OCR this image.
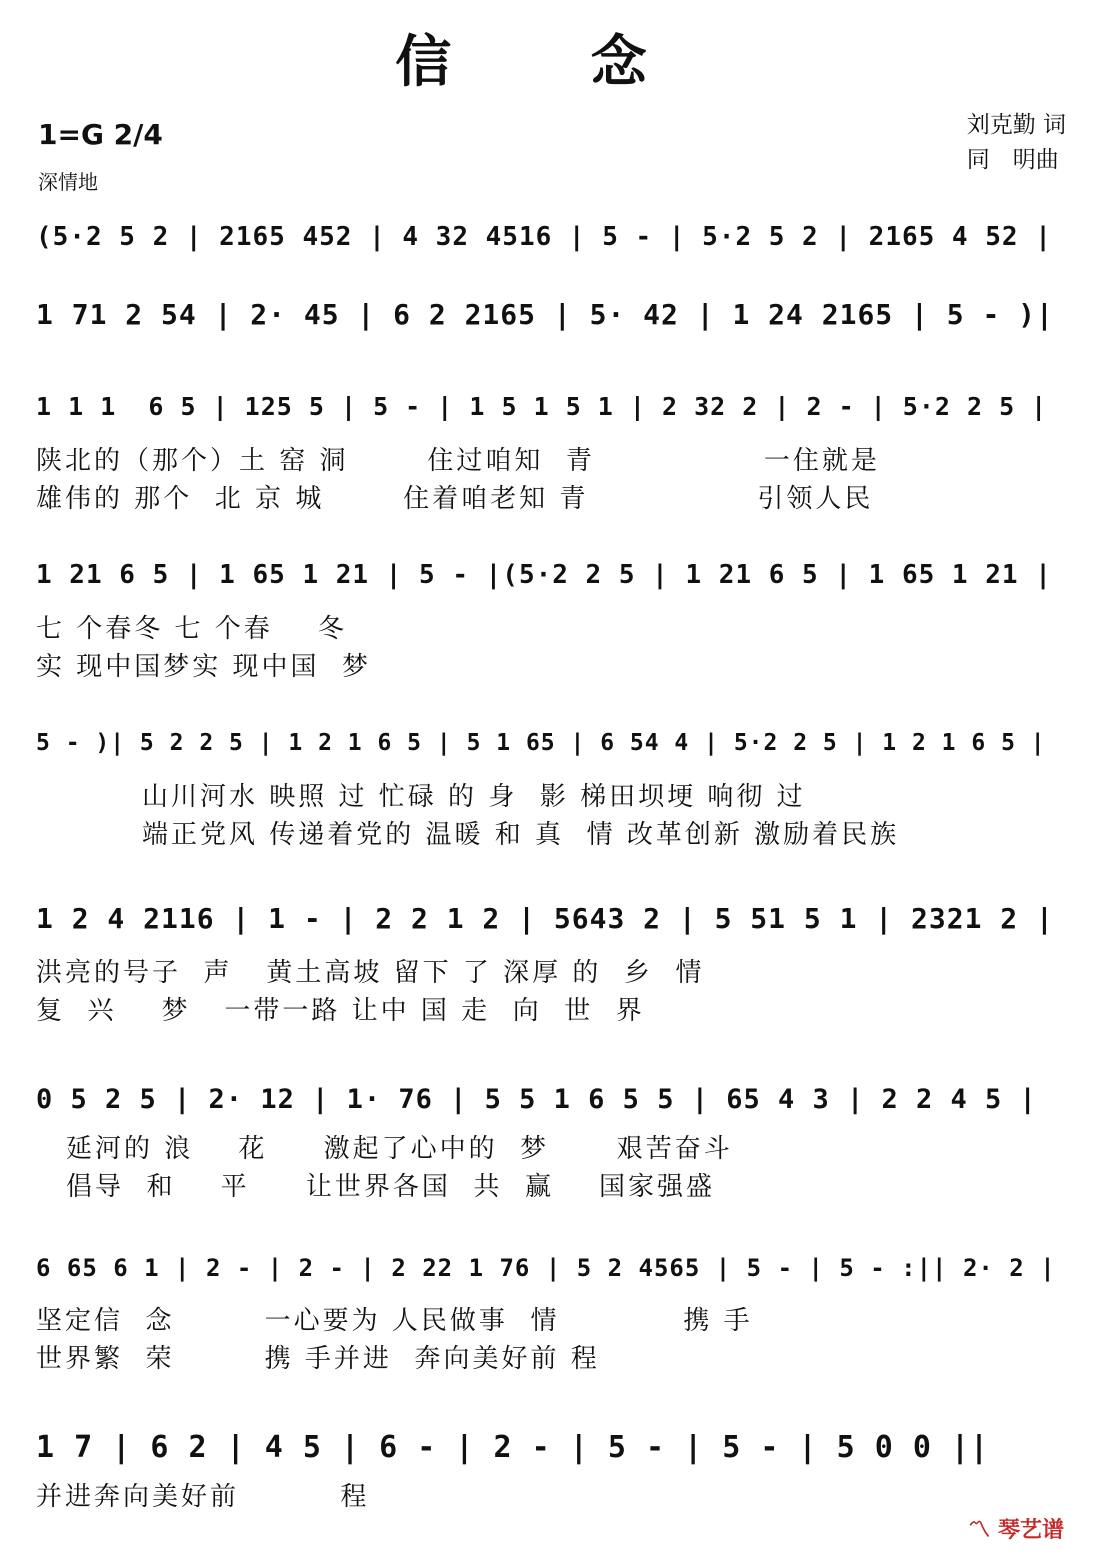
信 念
1=G 2/4
深情地
刘克勤 词
同　明曲
(5·2 5 2 | 2165 452 | 4 32 4516 | 5 - | 5·2 5 2 | 2165 4 52 |
1 71 2 54 | 2· 45 | 6 2 2165 | 5· 42 | 1 24 2165 | 5 - )|
1 1 1  6 5 | 125 5 | 5 - | 1 5 1 5 1 | 2 32 2 | 2 - | 5·2 2 5 |
陕北的（那个）土 窑 洞       住过咱知  青               一住就是
雄伟的 那个  北 京 城       住着咱老知 青               引领人民
1 21 6 5 | 1 65 1 21 | 5 - |(5·2 2 5 | 1 21 6 5 | 1 65 1 21 |
七 个春冬 七 个春    冬
实 现中国梦实 现中国  梦
5 - )| 5 2 2 5 | 1 2 1 6 5 | 5 1 65 | 6 54 4 | 5·2 2 5 | 1 2 1 6 5 |
山川河水 映照 过 忙碌 的 身  影 梯田坝埂 响彻 过
端正党风 传递着党的 温暖 和 真  情 改革创新 激励着民族
1 2 4 2116 | 1 - | 2 2 1 2 | 5643 2 | 5 51 5 1 | 2321 2 |
洪亮的号子  声   黄土高坡 留下 了 深厚 的  乡  情
复  兴    梦   一带一路 让中 国 走  向  世  界
0 5 2 5 | 2· 12 | 1· 76 | 5 5 1 6 5 5 | 65 4 3 | 2 2 4 5 |
延河的 浪    花     激起了心中的  梦      艰苦奋斗
倡导  和    平     让世界各国  共  赢    国家强盛
6 65 6 1 | 2 - | 2 - | 2 22 1 76 | 5 2 4565 | 5 - | 5 - :|| 2· 2 |
坚定信  念        一心要为 人民做事  情           携 手
世界繁  荣        携 手并进  奔向美好前 程
1 7 | 6 2 | 4 5 | 6 - | 2 - | 5 - | 5 - | 5 0 0 ||
并进奔向美好前         程
〽 琴艺谱
